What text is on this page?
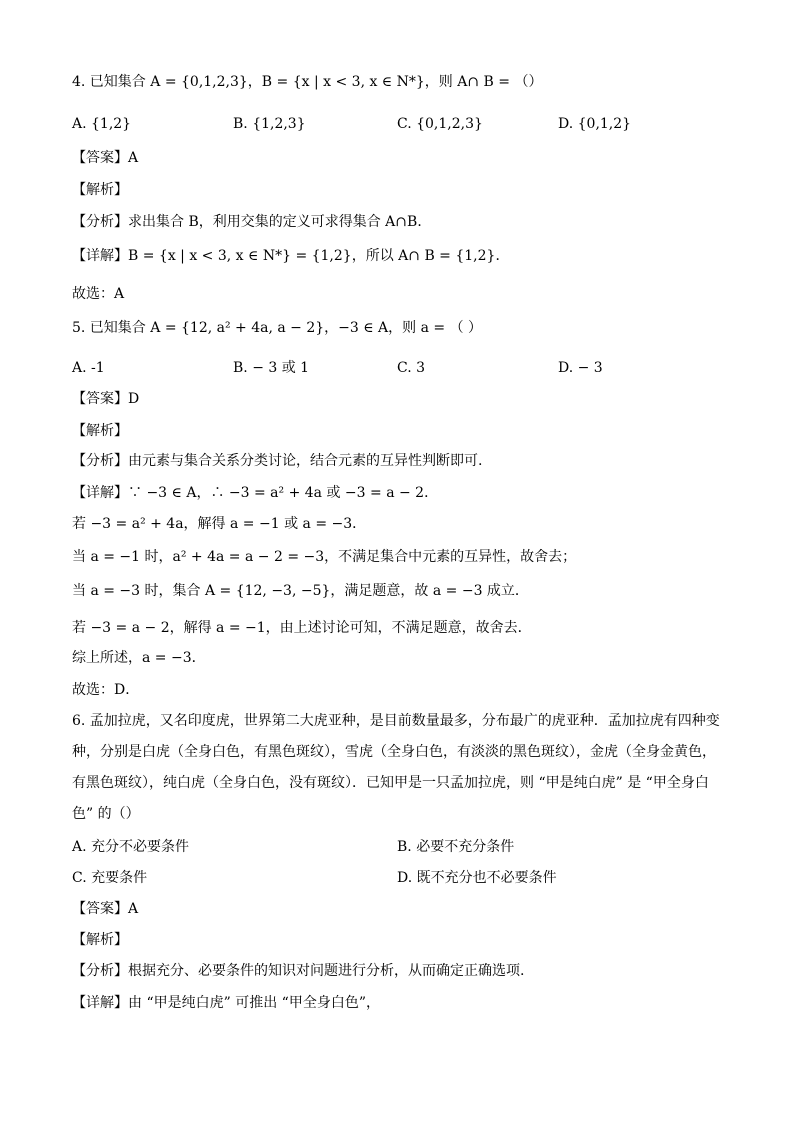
4. 已知集合 A = {0,1,2,3}，B = {x | x < 3, x ∈ N*}，则 A∩ B = （）
A. {1,2}	B. {1,2,3}	C. {0,1,2,3}	D. {0,1,2}
【答案】A
【解析】
【分析】求出集合 B，利用交集的定义可求得集合 A∩B．
【详解】B = {x | x < 3, x ∈ N*} = {1,2}，所以 A∩ B = {1,2}．
故选：A
5. 已知集合 A = {12, a² + 4a, a − 2}，−3 ∈ A，则 a = （ ）
A. -1	B. − 3 或 1	C. 3	D. − 3
【答案】D
【解析】
【分析】由元素与集合关系分类讨论，结合元素的互异性判断即可.
【详解】∵ −3 ∈ A，∴ −3 = a² + 4a 或 −3 = a − 2．
若 −3 = a² + 4a，解得 a = −1 或 a = −3．
当 a = −1 时，a² + 4a = a − 2 = −3，不满足集合中元素的互异性，故舍去；
当 a = −3 时，集合 A = {12, −3, −5}，满足题意，故 a = −3 成立．
若 −3 = a − 2，解得 a = −1，由上述讨论可知，不满足题意，故舍去．
综上所述，a = −3．
故选：D．
6. 孟加拉虎，又名印度虎，世界第二大虎亚种，是目前数量最多，分布最广的虎亚种．孟加拉虎有四种变种，分别是白虎（全身白色，有黑色斑纹），雪虎（全身白色，有淡淡的黑色斑纹），金虎（全身金黄色，有黑色斑纹），纯白虎（全身白色，没有斑纹）．已知甲是一只孟加拉虎，则 “甲是纯白虎” 是 “甲全身白色” 的（）
A. 充分不必要条件	B. 必要不充分条件
C. 充要条件	D. 既不充分也不必要条件
【答案】A
【解析】
【分析】根据充分、必要条件的知识对问题进行分析，从而确定正确选项.
【详解】由 “甲是纯白虎” 可推出 “甲全身白色”，
